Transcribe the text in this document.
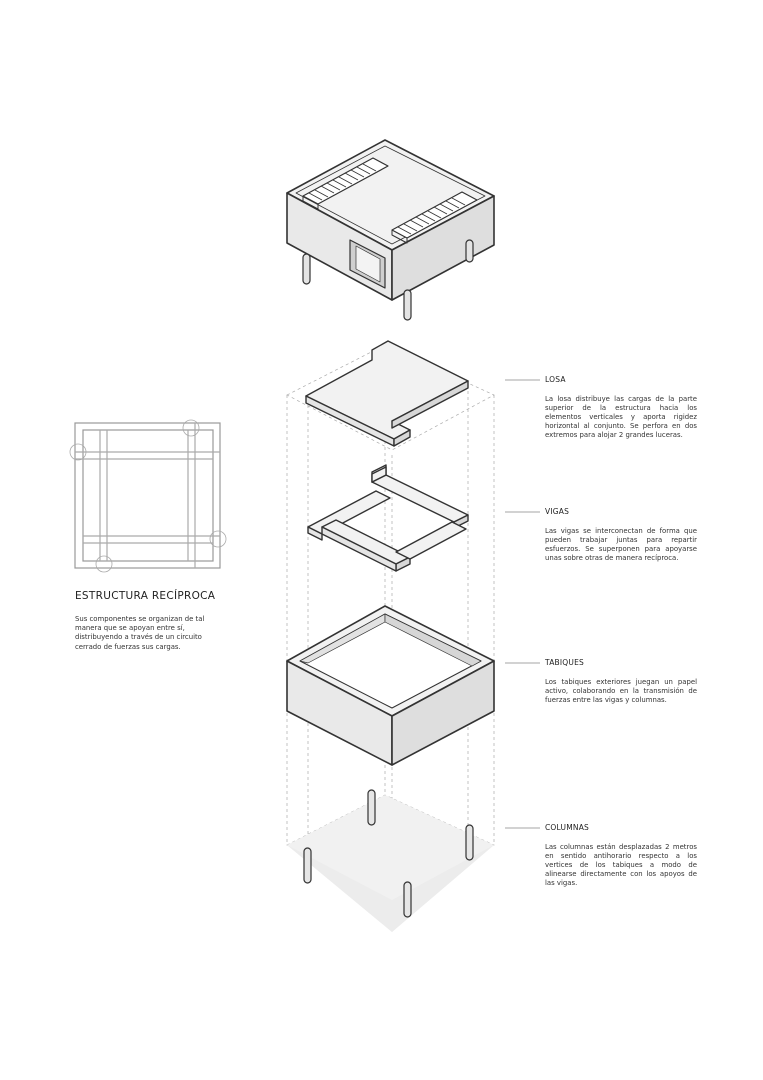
ESTRUCTURA RECÍPROCA
Sus componentes se organizan de tal manera que se apoyan entre sí, distribuyendo a través de un circuito cerrado de fuerzas sus cargas.
LOSA
La losa distribuye las cargas de la parte superior de la estructura hacia los elementos verticales y aporta rigidez horizontal al conjunto. Se perfora en dos extremos para alojar 2 grandes luceras.
VIGAS
Las vigas se interconectan de forma que pueden trabajar juntas para repartir esfuerzos. Se superponen para apoyarse unas sobre otras de manera recíproca.
TABIQUES
Los tabiques exteriores juegan un papel activo, colaborando en la transmisión de fuerzas entre las vigas y columnas.
COLUMNAS
Las columnas están desplazadas 2 metros en sentido antihorario respecto a los vertices de los tabiques a modo de alinearse directamente con los apoyos de las vigas.
